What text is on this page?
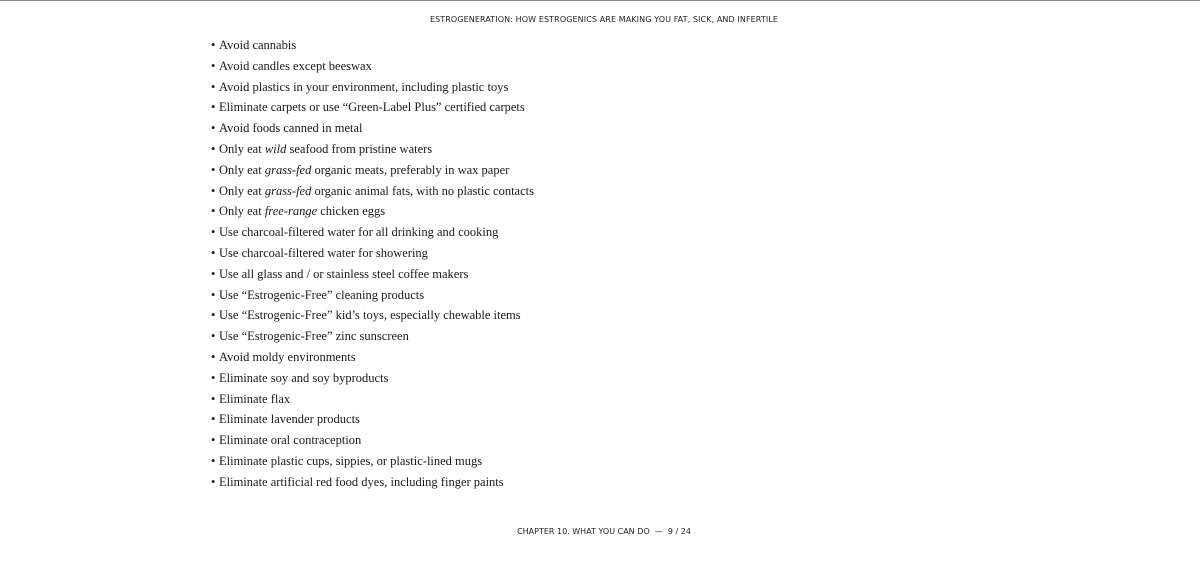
ESTROGENERATION: HOW ESTROGENICS ARE MAKING YOU FAT, SICK, AND INFERTILE
• Avoid cannabis
• Avoid candles except beeswax
• Avoid plastics in your environment, including plastic toys
• Eliminate carpets or use “Green-Label Plus” certified carpets
• Avoid foods canned in metal
• Only eat wild seafood from pristine waters
• Only eat grass-fed organic meats, preferably in wax paper
• Only eat grass-fed organic animal fats, with no plastic contacts
• Only eat free-range chicken eggs
• Use charcoal-filtered water for all drinking and cooking
• Use charcoal-filtered water for showering
• Use all glass and / or stainless steel coffee makers
• Use “Estrogenic-Free” cleaning products
• Use “Estrogenic-Free” kid’s toys, especially chewable items
• Use “Estrogenic-Free” zinc sunscreen
• Avoid moldy environments
• Eliminate soy and soy byproducts
• Eliminate flax
• Eliminate lavender products
• Eliminate oral contraception
• Eliminate plastic cups, sippies, or plastic-lined mugs
• Eliminate artificial red food dyes, including finger paints
CHAPTER 10. WHAT YOU CAN DO — 9 / 24
